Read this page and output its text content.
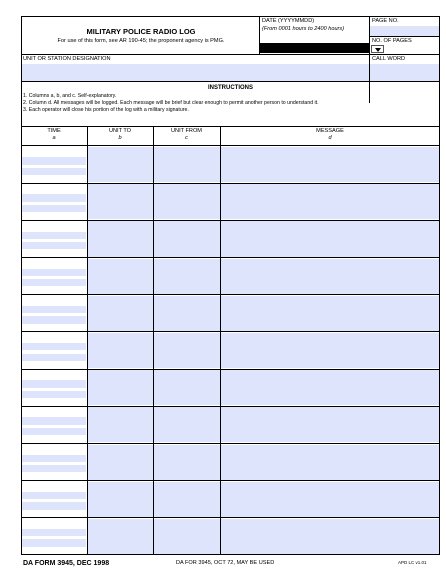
MILITARY POLICE RADIO LOG
For use of this form, see AR 190-45; the proponent agency is PMG.
DATE (YYYYMMDD)
(From 0001 hours to 2400 hours)
PAGE NO.
NO. OF PAGES
UNIT OR STATION DESIGNATION	CALL WORD
INSTRUCTIONS
1. Columns a, b, and c. Self-explanatory.
2. Column d. All messages will be logged. Each message will be brief but clear enough to permit another person to understand it.
3. Each operator will close his portion of the log with a military signature.
TIME
a
UNIT TO
b
UNIT FROM
c
MESSAGE
d
DA FORM 3945, DEC 1998	DA FOR 3945, OCT 72, MAY BE USED	APD LC v1.01
